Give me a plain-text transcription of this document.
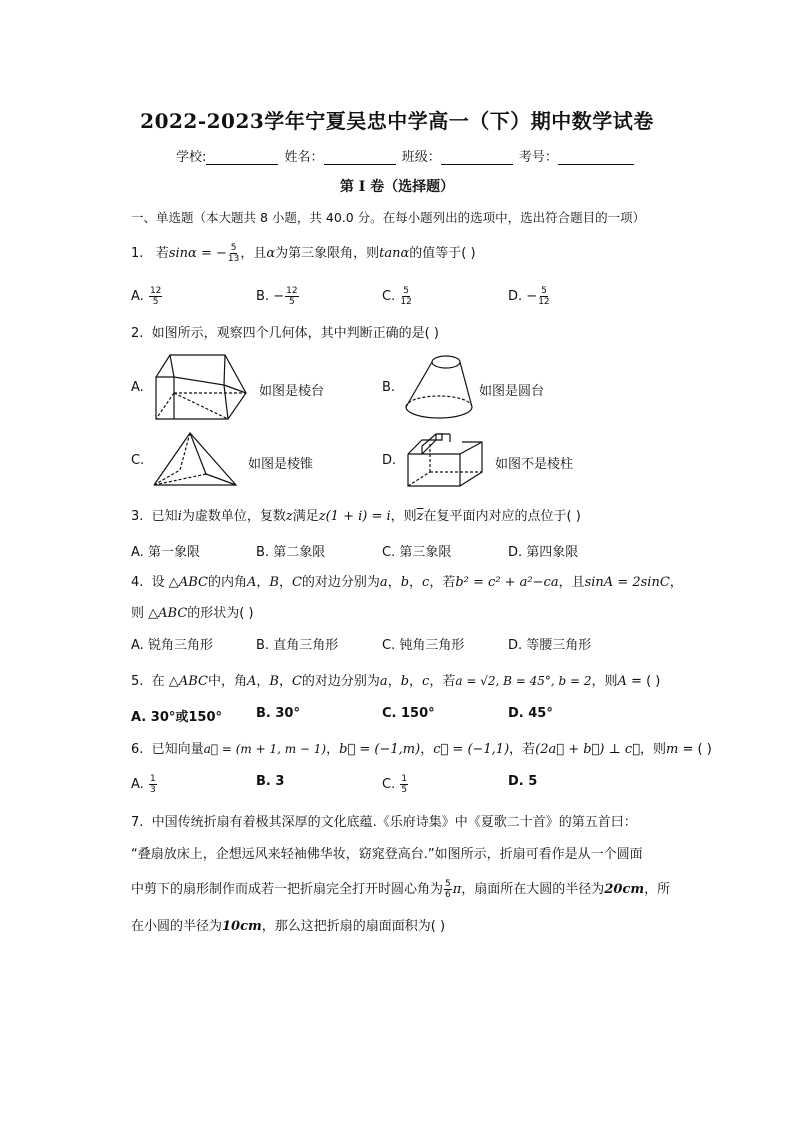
2022-2023学年宁夏吴忠中学高一（下）期中数学试卷
学校:	姓名：	班级：	考号：
第 I 卷（选择题）
一、单选题（本大题共 8 小题，共 40.0 分。在每小题列出的选项中，选出符合题目的一项）
1. 若sinα = − $\frac{5}{13}$ ，且α为第三象限角，则tanα的值等于( )
A. $\frac{12}{5}$	B. − $\frac{12}{5}$	C. $\frac{5}{12}$	D. − $\frac{5}{12}$
2. 如图所示，观察四个几何体，其中判断正确的是( )
A.	如图是棱台	B.	如图是圆台
C.	如图是棱锥	D.	如图不是棱柱
3. 已知i为虚数单位，复数z满足z(1 + i) = i，则$\overline{z}$在复平面内对应的点位于( )
A. 第一象限	B. 第二象限	C. 第三象限	D. 第四象限
4. 设 △ABC的内角A，B，C的对边分别为a，b，c，若b² = c² + a²−ca，且sinA = 2sinC，
则 △ABC的形状为( )
A. 锐角三角形	B. 直角三角形	C. 钝角三角形	D. 等腰三角形
5. 在 △ABC中，角A，B，C的对边分别为a，b，c，若a = √2, B = 45°, b = 2，则A = ( )
A. 30°或150°	B. 30°	C. 150°	D. 45°
6. 已知向量a⃗ = (m + 1, m − 1)，b⃗ = (−1,m)，c⃗ = (−1,1)，若(2a⃗ + b⃗) ⊥ c⃗，则m = ( )
A. $\frac{1}{3}$	B. 3	C. $\frac{1}{5}$	D. 5
7. 中国传统折扇有着极其深厚的文化底蕴.《乐府诗集》中《夏歌二十首》的第五首曰：
“叠扇放床上，企想远风来轻袖佛华妆，窈窕登高台.”如图所示，折扇可看作是从一个圆面
中剪下的扇形制作而成若一把折扇完全打开时圆心角为 $\frac{5}{6}$ π，扇面所在大圆的半径为20cm，所
在小圆的半径为10cm，那么这把折扇的扇面面积为( )
